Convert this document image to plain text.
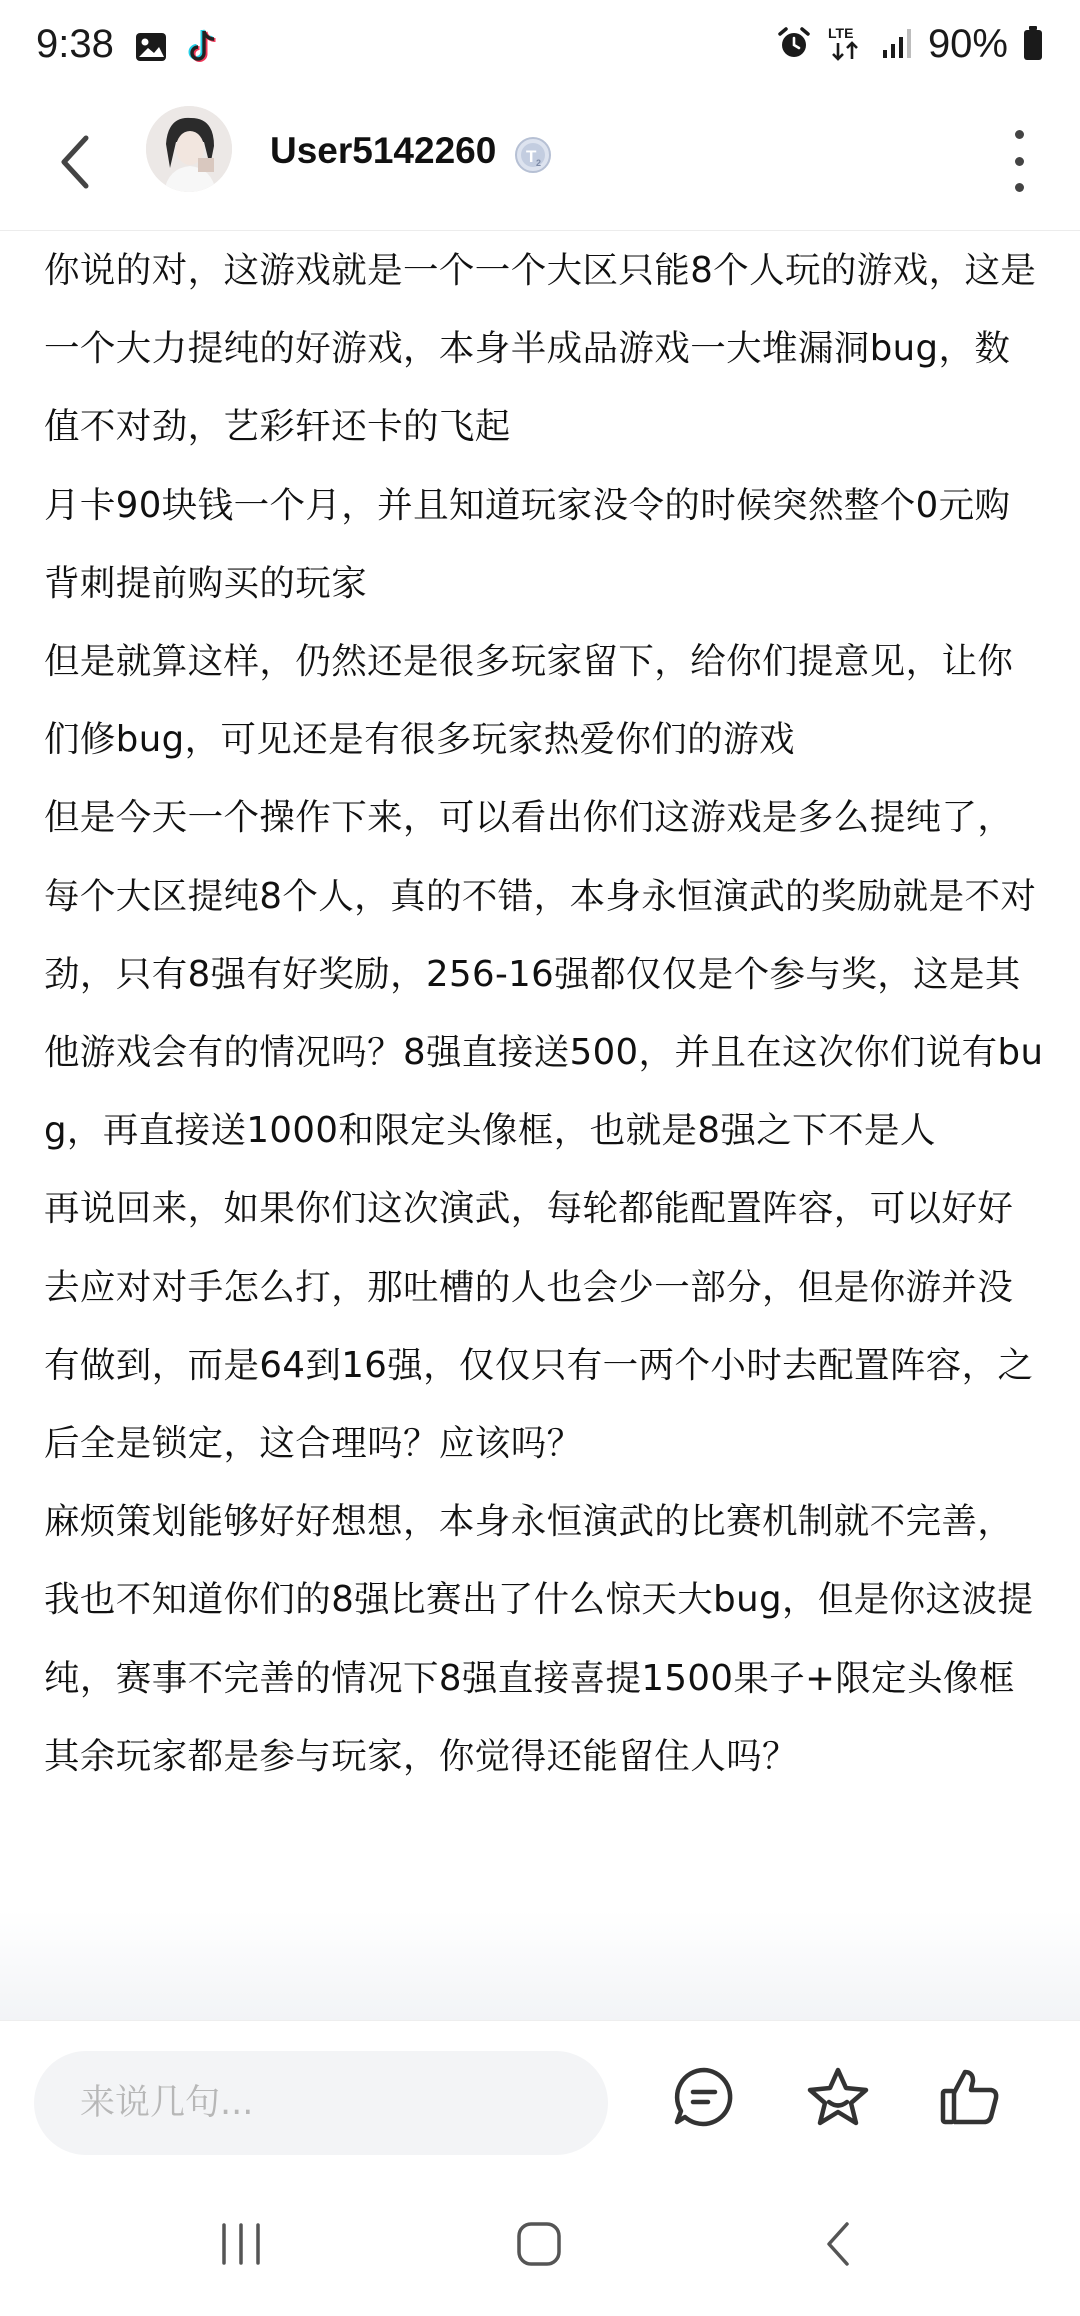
9:38	LTE 90%
User5142260 T 2

你说的对，这游戏就是一个一个大区只能8个人玩的游戏，这是一个大力提纯的好游戏，本身半成品游戏一大堆漏洞bug，数值不对劲，艺彩轩还卡的飞起

月卡90块钱一个月，并且知道玩家没令的时候突然整个0元购背刺提前购买的玩家

但是就算这样，仍然还是很多玩家留下，给你们提意见，让你们修bug，可见还是有很多玩家热爱你们的游戏

但是今天一个操作下来，可以看出你们这游戏是多么提纯了，每个大区提纯8个人，真的不错，本身永恒演武的奖励就是不对劲，只有8强有好奖励，256-16强都仅仅是个参与奖，这是其他游戏会有的情况吗？8强直接送500，并且在这次你们说有bug，再直接送1000和限定头像框，也就是8强之下不是人

再说回来，如果你们这次演武，每轮都能配置阵容，可以好好去应对对手怎么打，那吐槽的人也会少一部分，但是你游并没有做到，而是64到16强，仅仅只有一两个小时去配置阵容，之后全是锁定，这合理吗？应该吗？

麻烦策划能够好好想想，本身永恒演武的比赛机制就不完善，我也不知道你们的8强比赛出了什么惊天大bug，但是你这波提纯，赛事不完善的情况下8强直接喜提1500果子+限定头像框其余玩家都是参与玩家，你觉得还能留住人吗？

来说几句...
